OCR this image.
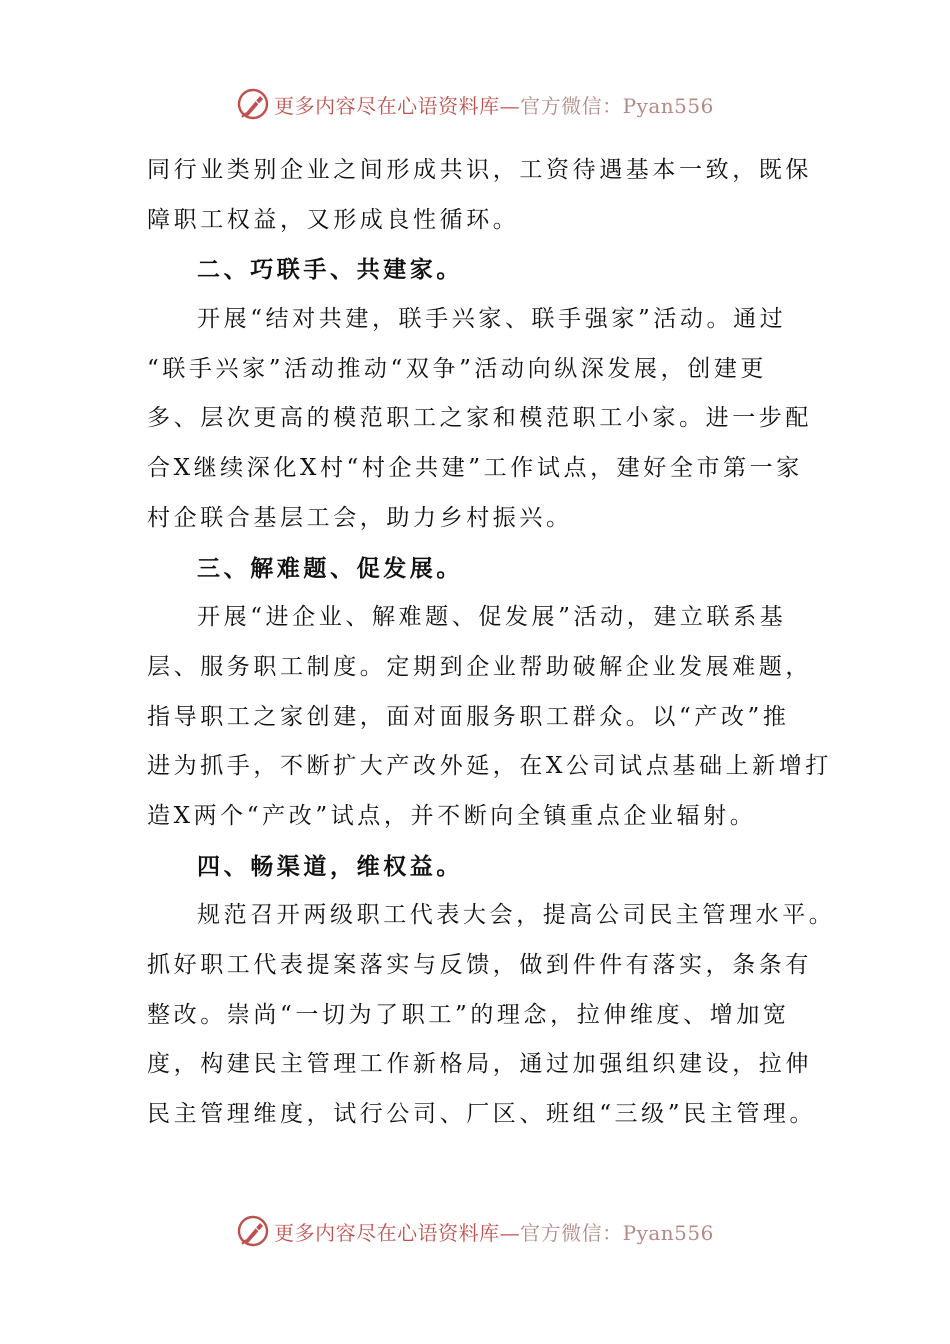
更多内容尽在心语资料库— 官方微信：Pyan556
同行业类别企业之间形成共识，工资待遇基本一致，既保
障职工权益，又形成良性循环。
二、巧联手、共建家。
开展“结对共建，联手兴家、联手强家”活动。通过
“联手兴家”活动推动“双争”活动向纵深发展，创建更
多、层次更高的模范职工之家和模范职工小家。进一步配
合X继续深化X村“村企共建”工作试点，建好全市第一家
村企联合基层工会，助力乡村振兴。
三、解难题、促发展。
开展“进企业、解难题、促发展”活动，建立联系基
层、服务职工制度。定期到企业帮助破解企业发展难题，
指导职工之家创建，面对面服务职工群众。以“产改”推
进为抓手，不断扩大产改外延，在X公司试点基础上新增打
造X两个“产改”试点，并不断向全镇重点企业辐射。
四、畅渠道，维权益。
规范召开两级职工代表大会，提高公司民主管理水平。
抓好职工代表提案落实与反馈，做到件件有落实，条条有
整改。崇尚“一切为了职工”的理念，拉伸维度、增加宽
度，构建民主管理工作新格局，通过加强组织建设，拉伸
民主管理维度，试行公司、厂区、班组“三级”民主管理。
更多内容尽在心语资料库— 官方微信：Pyan556
